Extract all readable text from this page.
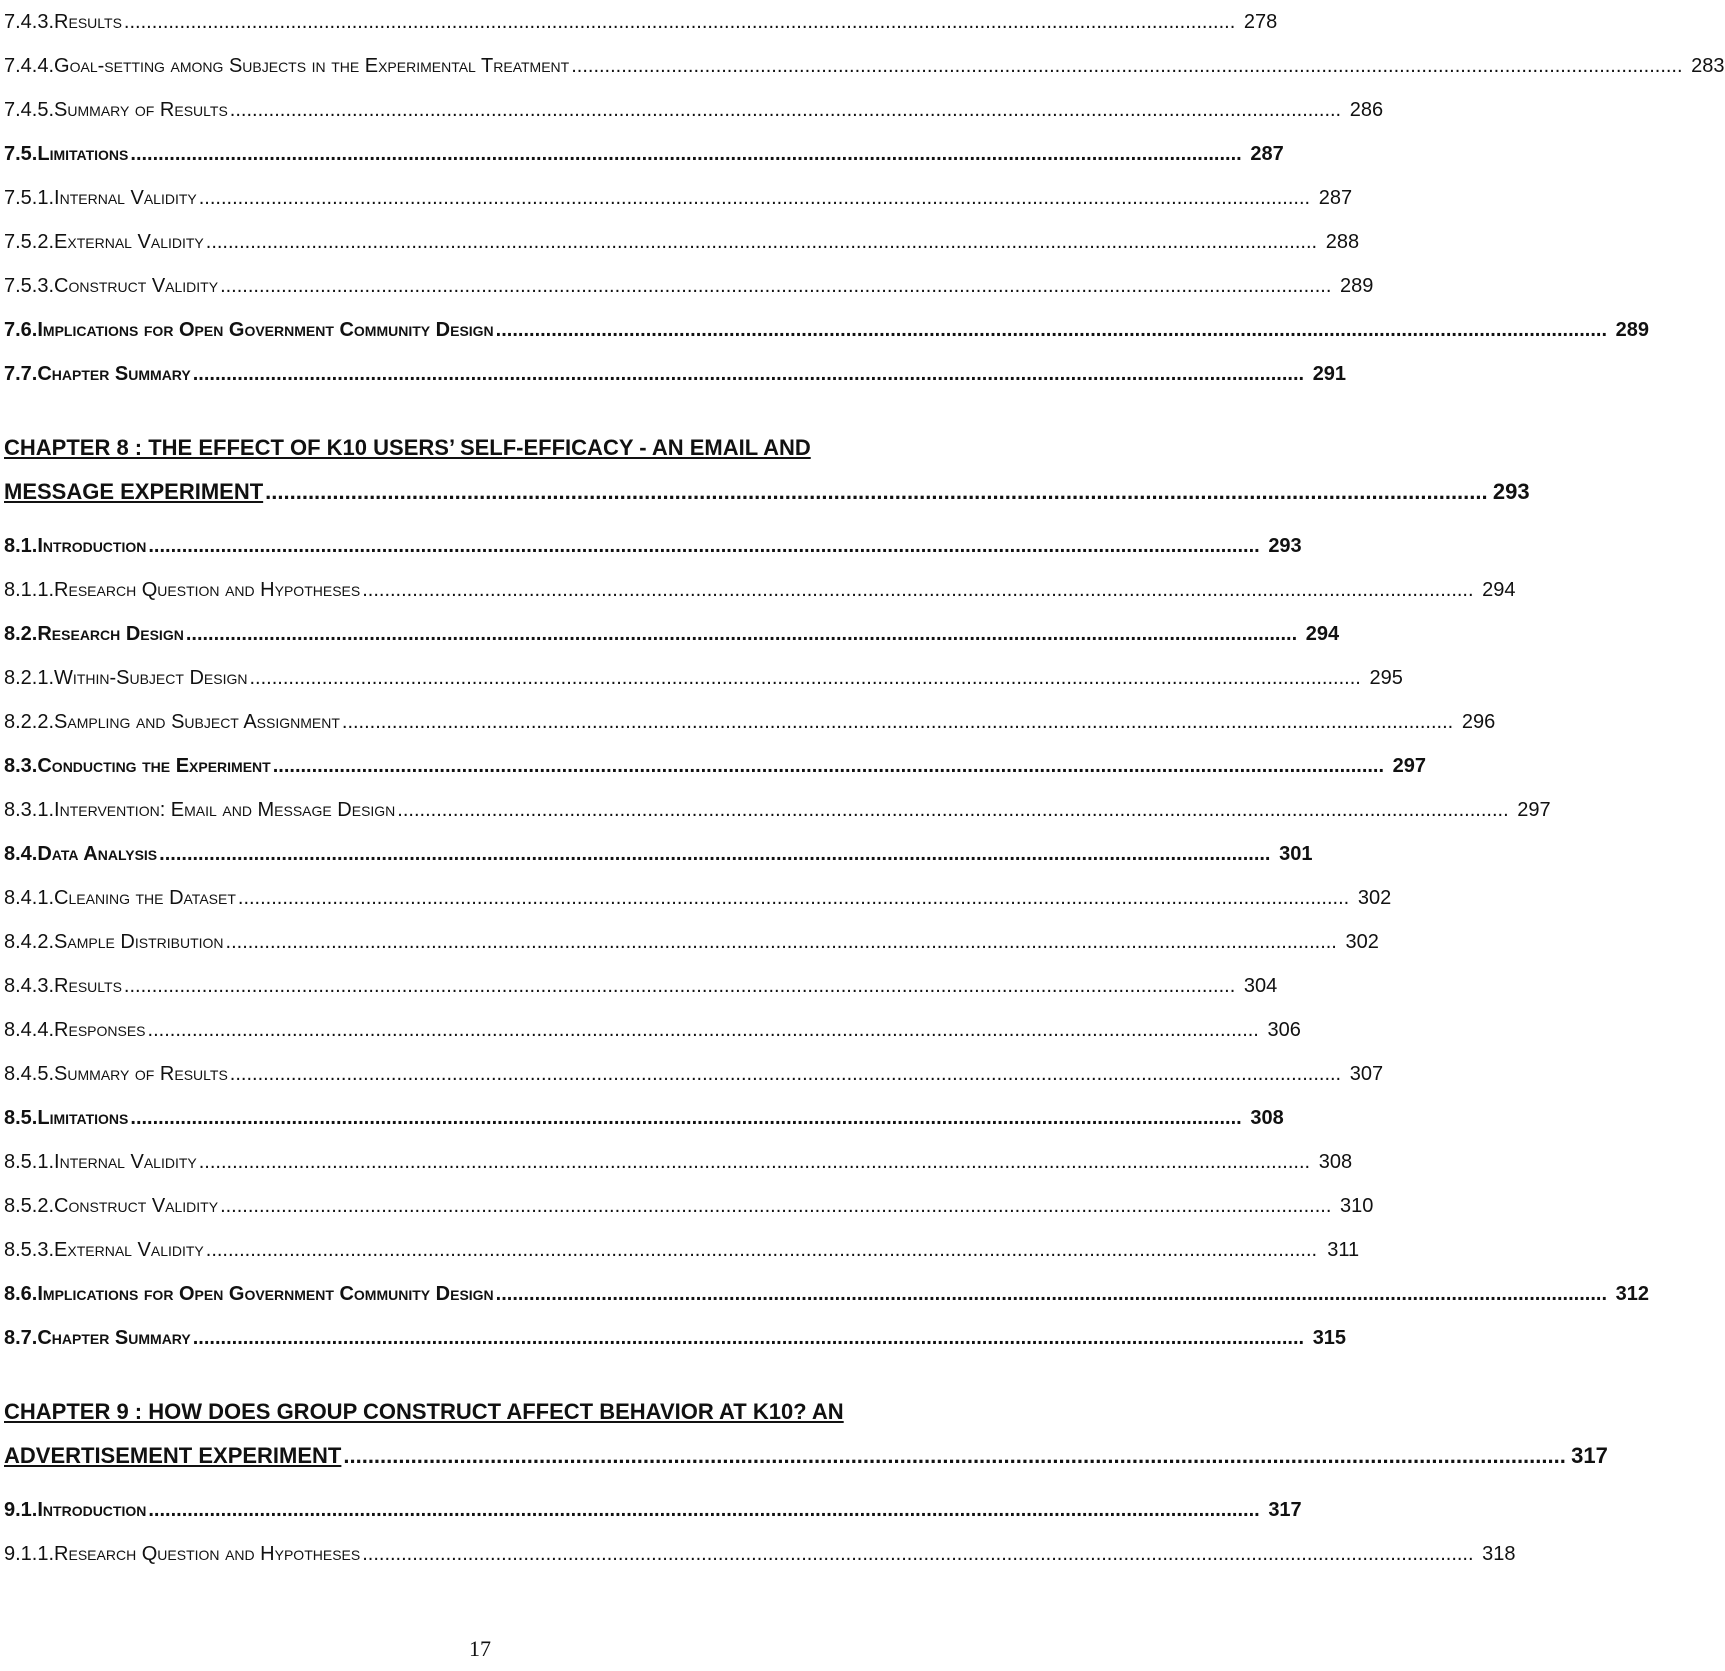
7.4.3. Results ........................................................................................................................................................................................................ 278
7.4.4. Goal-setting among Subjects in the Experimental Treatment ........................................................................................................................................................................................................ 283
7.4.5. Summary of Results ........................................................................................................................................................................................................ 286
7.5. Limitations ........................................................................................................................................................................................................ 287
7.5.1. Internal Validity ........................................................................................................................................................................................................ 287
7.5.2. External Validity ........................................................................................................................................................................................................ 288
7.5.3. Construct Validity ........................................................................................................................................................................................................ 289
7.6. Implications for Open Government Community Design ........................................................................................................................................................................................................ 289
7.7. Chapter Summary ........................................................................................................................................................................................................ 291
CHAPTER 8 : THE EFFECT OF K10 USERS’ SELF-EFFICACY - AN EMAIL AND
MESSAGE EXPERIMENT ........................................................................................................................................................................................................ 293
8.1. Introduction ........................................................................................................................................................................................................ 293
8.1.1. Research Question and Hypotheses ........................................................................................................................................................................................................ 294
8.2. Research Design ........................................................................................................................................................................................................ 294
8.2.1. Within-Subject Design ........................................................................................................................................................................................................ 295
8.2.2. Sampling and Subject Assignment ........................................................................................................................................................................................................ 296
8.3. Conducting the Experiment ........................................................................................................................................................................................................ 297
8.3.1. Intervention: Email and Message Design ........................................................................................................................................................................................................ 297
8.4. Data Analysis ........................................................................................................................................................................................................ 301
8.4.1. Cleaning the Dataset ........................................................................................................................................................................................................ 302
8.4.2. Sample Distribution ........................................................................................................................................................................................................ 302
8.4.3. Results ........................................................................................................................................................................................................ 304
8.4.4. Responses ........................................................................................................................................................................................................ 306
8.4.5. Summary of Results ........................................................................................................................................................................................................ 307
8.5. Limitations ........................................................................................................................................................................................................ 308
8.5.1. Internal Validity ........................................................................................................................................................................................................ 308
8.5.2. Construct Validity ........................................................................................................................................................................................................ 310
8.5.3. External Validity ........................................................................................................................................................................................................ 311
8.6. Implications for Open Government Community Design ........................................................................................................................................................................................................ 312
8.7. Chapter Summary ........................................................................................................................................................................................................ 315
CHAPTER 9 : HOW DOES GROUP CONSTRUCT AFFECT BEHAVIOR AT K10? AN
ADVERTISEMENT EXPERIMENT ........................................................................................................................................................................................................ 317
9.1. Introduction ........................................................................................................................................................................................................ 317
9.1.1. Research Question and Hypotheses ........................................................................................................................................................................................................ 318
17
